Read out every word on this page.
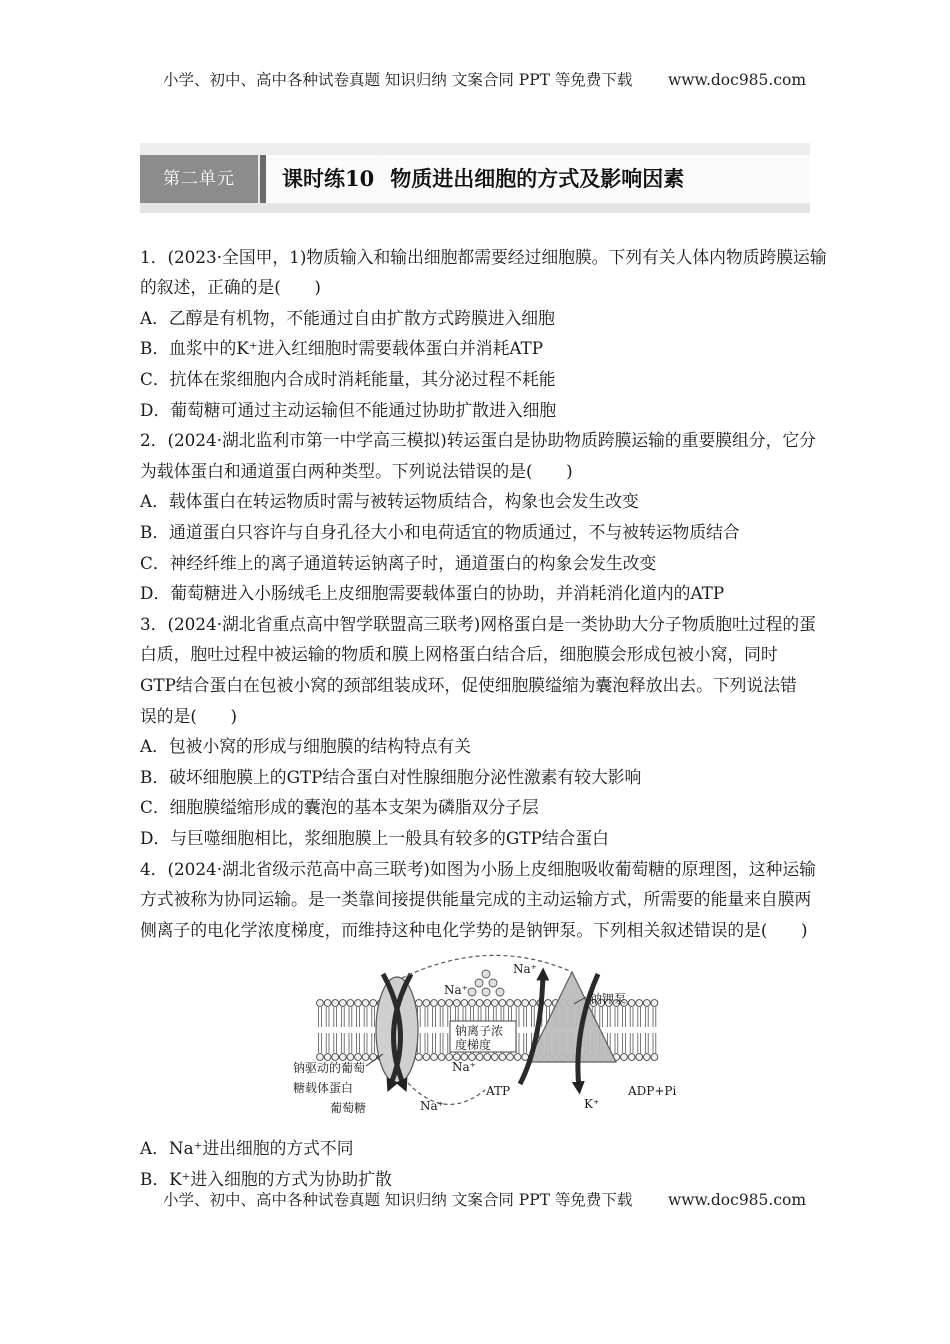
小学、初中、高中各种试卷真题 知识归纳 文案合同 PPT 等免费下载 www.doc985.com
第二单元	课时练10 物质进出细胞的方式及影响因素
1．(2023·全国甲，1)物质输入和输出细胞都需要经过细胞膜。下列有关人体内物质跨膜运输
的叙述，正确的是(　　)
A．乙醇是有机物，不能通过自由扩散方式跨膜进入细胞
B．血浆中的K⁺进入红细胞时需要载体蛋白并消耗ATP
C．抗体在浆细胞内合成时消耗能量，其分泌过程不耗能
D．葡萄糖可通过主动运输但不能通过协助扩散进入细胞
2．(2024·湖北监利市第一中学高三模拟)转运蛋白是协助物质跨膜运输的重要膜组分，它分
为载体蛋白和通道蛋白两种类型。下列说法错误的是(　　)
A．载体蛋白在转运物质时需与被转运物质结合，构象也会发生改变
B．通道蛋白只容许与自身孔径大小和电荷适宜的物质通过，不与被转运物质结合
C．神经纤维上的离子通道转运钠离子时，通道蛋白的构象会发生改变
D．葡萄糖进入小肠绒毛上皮细胞需要载体蛋白的协助，并消耗消化道内的ATP
3．(2024·湖北省重点高中智学联盟高三联考)网格蛋白是一类协助大分子物质胞吐过程的蛋
白质，胞吐过程中被运输的物质和膜上网格蛋白结合后，细胞膜会形成包被小窝，同时
GTP结合蛋白在包被小窝的颈部组装成环，促使细胞膜缢缩为囊泡释放出去。下列说法错
误的是(　　)
A．包被小窝的形成与细胞膜的结构特点有关
B．破坏细胞膜上的GTP结合蛋白对性腺细胞分泌性激素有较大影响
C．细胞膜缢缩形成的囊泡的基本支架为磷脂双分子层
D．与巨噬细胞相比，浆细胞膜上一般具有较多的GTP结合蛋白
4．(2024·湖北省级示范高中高三联考)如图为小肠上皮细胞吸收葡萄糖的原理图，这种运输
方式被称为协同运输。是一类靠间接提供能量完成的主动运输方式，所需要的能量来自膜两
侧离子的电化学浓度梯度，而维持这种电化学势的是钠钾泵。下列相关叙述错误的是(　　)
Na⁺
Na⁺
钠钾泵
钠离子浓
度梯度
Na⁺
钠驱动的葡萄
糖载体蛋白
葡萄糖	Na⁺
ATP
K⁺
ADP+Pi
A．Na⁺进出细胞的方式不同
B．K⁺进入细胞的方式为协助扩散
小学、初中、高中各种试卷真题 知识归纳 文案合同 PPT 等免费下载 www.doc985.com
